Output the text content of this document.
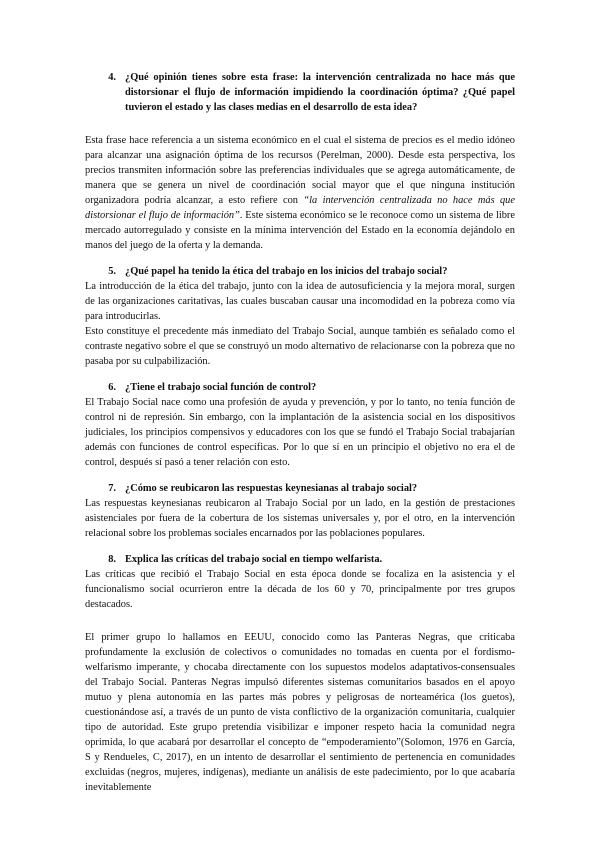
4. ¿Qué opinión tienes sobre esta frase: la intervención centralizada no hace más que distorsionar el flujo de información impidiendo la coordinación óptima? ¿Qué papel tuvieron el estado y las clases medias en el desarrollo de esta idea?

Esta frase hace referencia a un sistema económico en el cual el sistema de precios es el medio idóneo para alcanzar una asignación óptima de los recursos (Perelman, 2000). Desde esta perspectiva, los precios transmiten información sobre las preferencias individuales que se agrega automáticamente, de manera que se genera un nivel de coordinación social mayor que el que ninguna institución organizadora podría alcanzar, a esto refiere con “la intervención centralizada no hace más que distorsionar el flujo de información”. Este sistema económico se le reconoce como un sistema de libre mercado autorregulado y consiste en la mínima intervención del Estado en la economía dejándolo en manos del juego de la oferta y la demanda.

5. ¿Qué papel ha tenido la ética del trabajo en los inicios del trabajo social?

La introducción de la ética del trabajo, junto con la idea de autosuficiencia y la mejora moral, surgen de las organizaciones caritativas, las cuales buscaban causar una incomodidad en la pobreza como vía para introducirlas.

Esto constituye el precedente más inmediato del Trabajo Social, aunque también es señalado como el contraste negativo sobre el que se construyó un modo alternativo de relacionarse con la pobreza que no pasaba por su culpabilización.

6. ¿Tiene el trabajo social función de control?

El Trabajo Social nace como una profesión de ayuda y prevención, y por lo tanto, no tenía función de control ni de represión. Sin embargo, con la implantación de la asistencia social en los dispositivos judiciales, los principios compensivos y educadores con los que se fundó el Trabajo Social trabajarían además con funciones de control específicas. Por lo que sí en un principio el objetivo no era el de control, después sí pasó a tener relación con esto.

7. ¿Cómo se reubicaron las respuestas keynesianas al trabajo social?

Las respuestas keynesianas reubicaron al Trabajo Social por un lado, en la gestión de prestaciones asistenciales por fuera de la cobertura de los sistemas universales y, por el otro, en la intervención relacional sobre los problemas sociales encarnados por las poblaciones populares.

8. Explica las críticas del trabajo social en tiempo welfarista.

Las críticas que recibió el Trabajo Social en esta época donde se focaliza en la asistencia y el funcionalismo social ocurrieron entre la década de los 60 y 70, principalmente por tres grupos destacados.

El primer grupo lo hallamos en EEUU, conocido como las Panteras Negras, que criticaba profundamente la exclusión de colectivos o comunidades no tomadas en cuenta por el fordismo-welfarismo imperante, y chocaba directamente con los supuestos modelos adaptativos-consensuales del Trabajo Social. Panteras Negras impulsó diferentes sistemas comunitarios basados en el apoyo mutuo y plena autonomía en las partes más pobres y peligrosas de norteamérica (los guetos), cuestionándose así, a través de un punto de vista conflictivo de la organización comunitaria, cualquier tipo de autoridad. Este grupo pretendía visibilizar e imponer respeto hacia la comunidad negra oprimida, lo que acabará por desarrollar el concepto de “empoderamiento”(Solomon, 1976 en García, S y Rendueles, C, 2017), en un intento de desarrollar el sentimiento de pertenencia en comunidades excluidas (negros, mujeres, indígenas), mediante un análisis de este padecimiento, por lo que acabaría inevitablemente
